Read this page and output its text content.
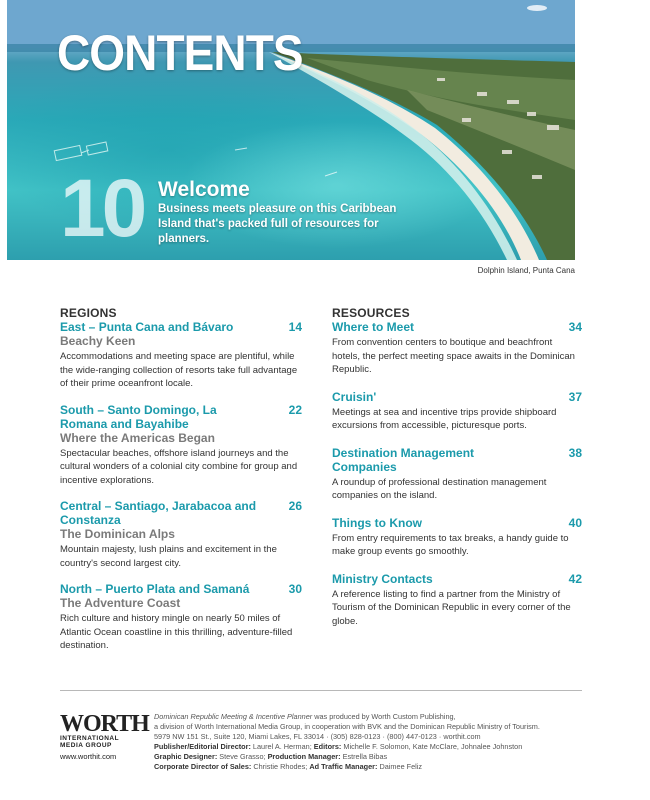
CONTENTS
10 Welcome
Business meets pleasure on this Caribbean Island that's packed full of resources for planners.
Dolphin Island, Punta Cana
REGIONS
East – Punta Cana and Bávaro	14
Beachy Keen
Accommodations and meeting space are plentiful, while the wide-ranging collection of resorts take full advantage of their prime oceanfront locale.
South – Santo Domingo, La Romana and Bayahibe
22
Where the Americas Began
Spectacular beaches, offshore island journeys and the cultural wonders of a colonial city combine for group and incentive explorations.
Central – Santiago, Jarabacoa and Constanza
26
The Dominican Alps
Mountain majesty, lush plains and excitement in the country's second largest city.
North – Puerto Plata and Samaná	30
The Adventure Coast
Rich culture and history mingle on nearly 50 miles of Atlantic Ocean coastline in this thrilling, adventure-filled destination.
RESOURCES
Where to Meet	34
From convention centers to boutique and beachfront hotels, the perfect meeting space awaits in the Dominican Republic.
Cruisin'	37
Meetings at sea and incentive trips provide shipboard excursions from accessible, picturesque ports.
Destination Management Companies
38
A roundup of professional destination management companies on the island.
Things to Know	40
From entry requirements to tax breaks, a handy guide to make group events go smoothly.
Ministry Contacts	42
A reference listing to find a partner from the Ministry of Tourism of the Dominican Republic in every corner of the globe.
WORTH
INTERNATIONAL
MEDIA GROUP
www.worthit.com
Dominican Republic Meeting & Incentive Planner was produced by Worth Custom Publishing,
a division of Worth International Media Group, in cooperation with BVK and the Dominican Republic Ministry of Tourism.
5979 NW 151 St., Suite 120, Miami Lakes, FL 33014 · (305) 828-0123 · (800) 447-0123 · worthit.com
Publisher/Editorial Director: Laurel A. Herman; Editors: Michelle F. Solomon, Kate McClare, Johnalee Johnston
Graphic Designer: Steve Grasso; Production Manager: Estrella Bibas
Corporate Director of Sales: Christie Rhodes; Ad Traffic Manager: Daimee Feliz
